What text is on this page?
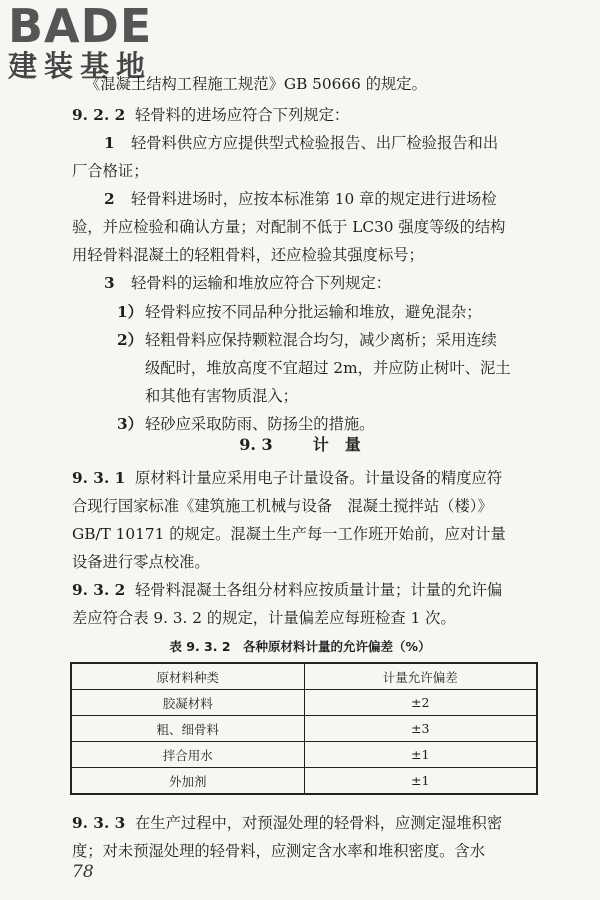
BADE
建装基地
《混凝土结构工程施工规范》GB 50666 的规定。
9. 2. 2 轻骨料的进场应符合下列规定：
1 轻骨料供应方应提供型式检验报告、出厂检验报告和出
厂合格证；
2 轻骨料进场时，应按本标准第 10 章的规定进行进场检
验，并应检验和确认方量；对配制不低于 LC30 强度等级的结构
用轻骨料混凝土的轻粗骨料，还应检验其强度标号；
3 轻骨料的运输和堆放应符合下列规定：
1） 轻骨料应按不同品种分批运输和堆放，避免混杂；
2） 轻粗骨料应保持颗粒混合均匀，减少离析；采用连续
级配时，堆放高度不宜超过 2m，并应防止树叶、泥土
和其他有害物质混入；
3） 轻砂应采取防雨、防扬尘的措施。
9. 3	计　量
9. 3. 1 原材料计量应采用电子计量设备。计量设备的精度应符
合现行国家标准《建筑施工机械与设备　混凝土搅拌站（楼）》
GB/T 10171 的规定。混凝土生产每一工作班开始前，应对计量
设备进行零点校准。
9. 3. 2 轻骨料混凝土各组分材料应按质量计量；计量的允许偏
差应符合表 9. 3. 2 的规定，计量偏差应每班检查 1 次。
表 9. 3. 2　各种原材料计量的允许偏差（%）
原材料种类	计量允许偏差
胶凝材料	±2
粗、细骨料	±3
拌合用水	±1
外加剂	±1
9. 3. 3 在生产过程中，对预湿处理的轻骨料，应测定湿堆积密
度；对未预湿处理的轻骨料，应测定含水率和堆积密度。含水
78
